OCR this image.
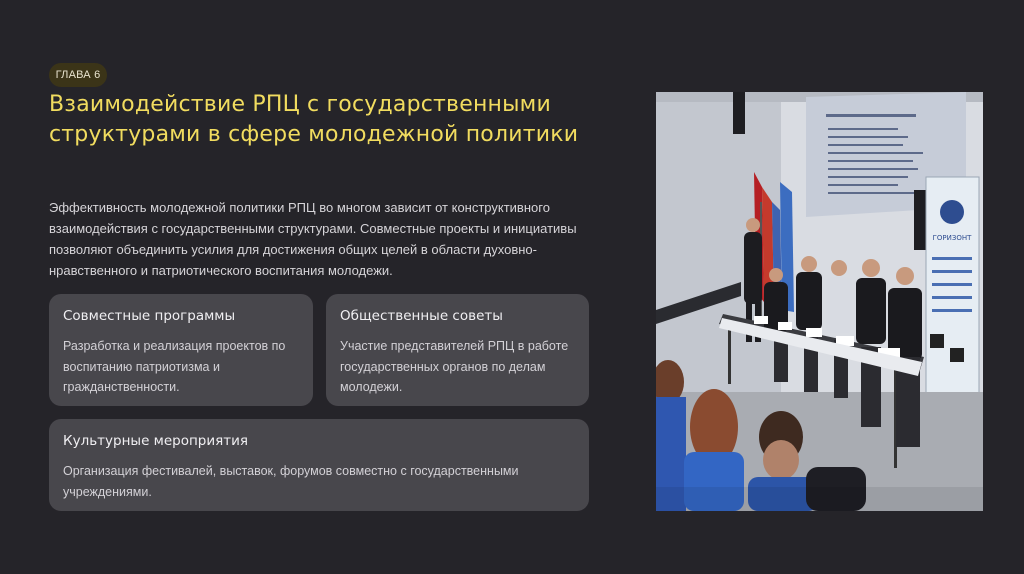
ГЛАВА 6
Взаимодействие РПЦ с государственными структурами в сфере молодежной политики

Эффективность молодежной политики РПЦ во многом зависит от конструктивного взаимодействия с государственными структурами. Совместные проекты и инициативы позволяют объединить усилия для достижения общих целей в области духовно-нравственного и патриотического воспитания молодежи.

Совместные программы

Разработка и реализация проектов по воспитанию патриотизма и гражданственности.

Общественные советы

Участие представителей РПЦ в работе государственных органов по делам молодежи.

Культурные мероприятия

Организация фестивалей, выставок, форумов совместно с государственными учреждениями.

ГОРИЗОНТ
